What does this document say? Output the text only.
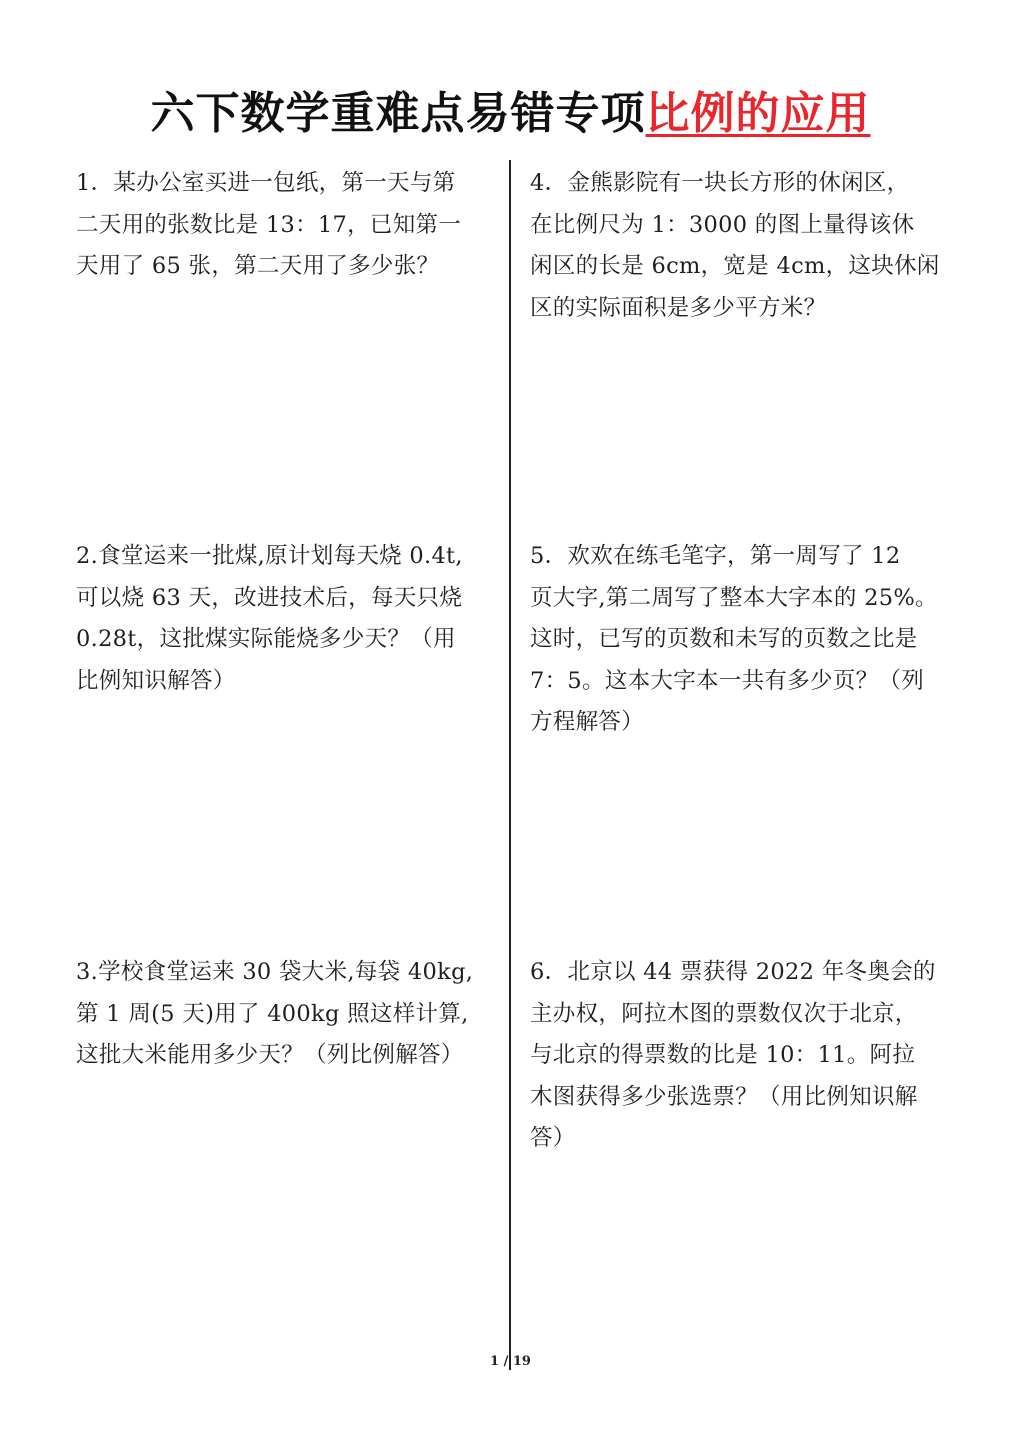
六下数学重难点易错专项比例的应用
1．某办公室买进一包纸，第一天与第
二天用的张数比是 13：17，已知第一
天用了 65 张，第二天用了多少张？
2.食堂运来一批煤,原计划每天烧 0.4t,
可以烧 63 天，改进技术后，每天只烧
0.28t，这批煤实际能烧多少天？（用
比例知识解答）
3.学校食堂运来 30 袋大米,每袋 40kg,
第 1 周(5 天)用了 400kg 照这样计算,
这批大米能用多少天？（列比例解答）
4．金熊影院有一块长方形的休闲区，
在比例尺为 1：3000 的图上量得该休
闲区的长是 6cm，宽是 4cm，这块休闲
区的实际面积是多少平方米？
5．欢欢在练毛笔字，第一周写了 12
页大字,第二周写了整本大字本的 25%。
这时，已写的页数和未写的页数之比是
7：5。这本大字本一共有多少页？（列
方程解答）
6．北京以 44 票获得 2022 年冬奥会的
主办权，阿拉木图的票数仅次于北京，
与北京的得票数的比是 10：11。阿拉
木图获得多少张选票？（用比例知识解
答）
1 / 19
